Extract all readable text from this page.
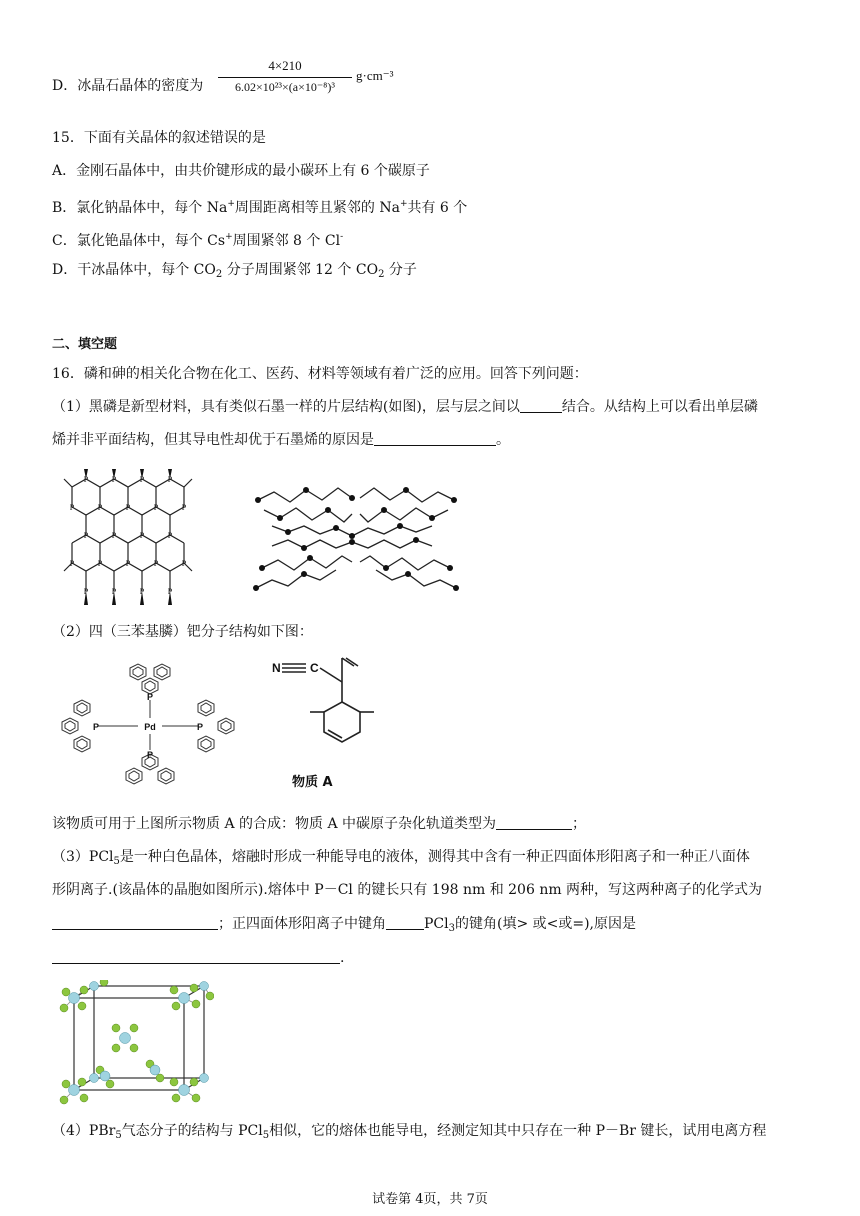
D．冰晶石晶体的密度为
4×210
6.02×10²³×(a×10⁻⁸)³
g·cm⁻³
15．下面有关晶体的叙述错误的是
A．金刚石晶体中，由共价键形成的最小碳环上有 6 个碳原子
B．氯化钠晶体中，每个 Na+周围距离相等且紧邻的 Na+共有 6 个
C．氯化铯晶体中，每个 Cs+周围紧邻 8 个 Cl-
D．干冰晶体中，每个 $CO_2$ 分子周围紧邻 12 个 $CO_2$ 分子
二、填空题
16．磷和砷的相关化合物在化工、医药、材料等领域有着广泛的应用。回答下列问题：
（1）黑磷是新型材料，具有类似石墨一样的片层结构(如图)，层与层之间以	结合。从结构上可以看出单层磷
烯并非平面结构，但其导电性却优于石墨烯的原因是	。
P	P	P	P
P	P	P	P	P
P	P	P	P
P	P	P	P	P
P	P	P	P
（2）四（三苯基膦）钯分子结构如下图：
Pd
P
P	P
P
N C
物质 A
该物质可用于上图所示物质 A 的合成：物质 A 中碳原子杂化轨道类型为	；
（3）PCl$_5$是一种白色晶体，熔融时形成一种能导电的液体，测得其中含有一种正四面体形阳离子和一种正八面体
形阴离子.(该晶体的晶胞如图所示).熔体中 P－Cl 的键长只有 198 nm 和 206 nm 两种，写这两种离子的化学式为
；正四面体形阳离子中键角	PCl$_3$的键角(填> 或<或=),原因是
.
（4）PBr$_5$气态分子的结构与 PCl$_5$相似，它的熔体也能导电，经测定知其中只存在一种 P－Br 键长，试用电离方程
试卷第 4页，共 7页
